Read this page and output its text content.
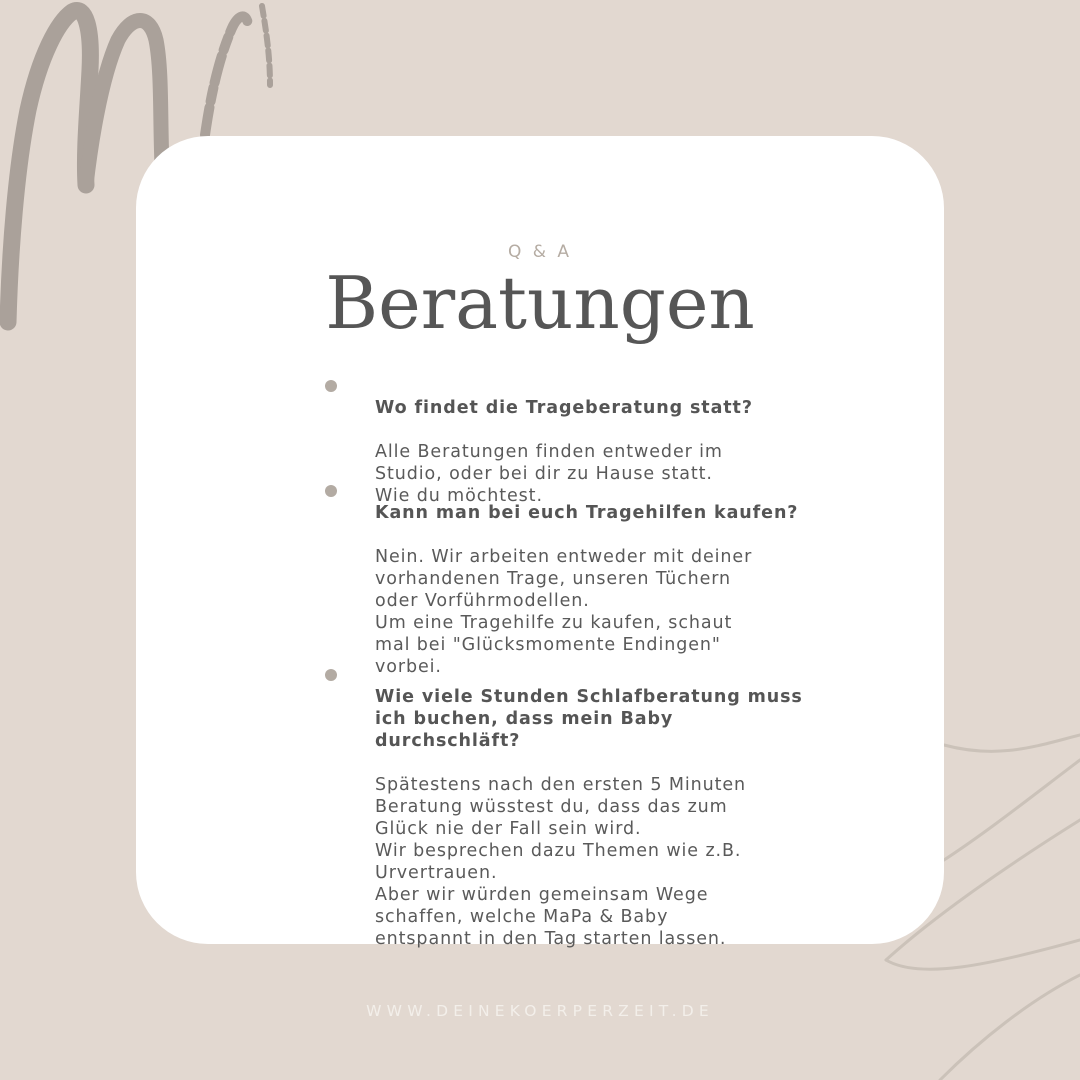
Q & A
Beratungen

Wo findet die Trageberatung statt?

Alle Beratungen finden entweder im
Studio, oder bei dir zu Hause statt.
Wie du möchtest.

Kann man bei euch Tragehilfen kaufen?

Nein. Wir arbeiten entweder mit deiner
vorhandenen Trage, unseren Tüchern
oder Vorführmodellen.
Um eine Tragehilfe zu kaufen, schaut
mal bei "Glücksmomente Endingen"
vorbei.

Wie viele Stunden Schlafberatung muss
ich buchen, dass mein Baby
durchschläft?

Spätestens nach den ersten 5 Minuten
Beratung wüsstest du, dass das zum
Glück nie der Fall sein wird.
Wir besprechen dazu Themen wie z.B.
Urvertrauen.
Aber wir würden gemeinsam Wege
schaffen, welche MaPa & Baby
entspannt in den Tag starten lassen.

WWW.DEINEKOERPERZEIT.DE
